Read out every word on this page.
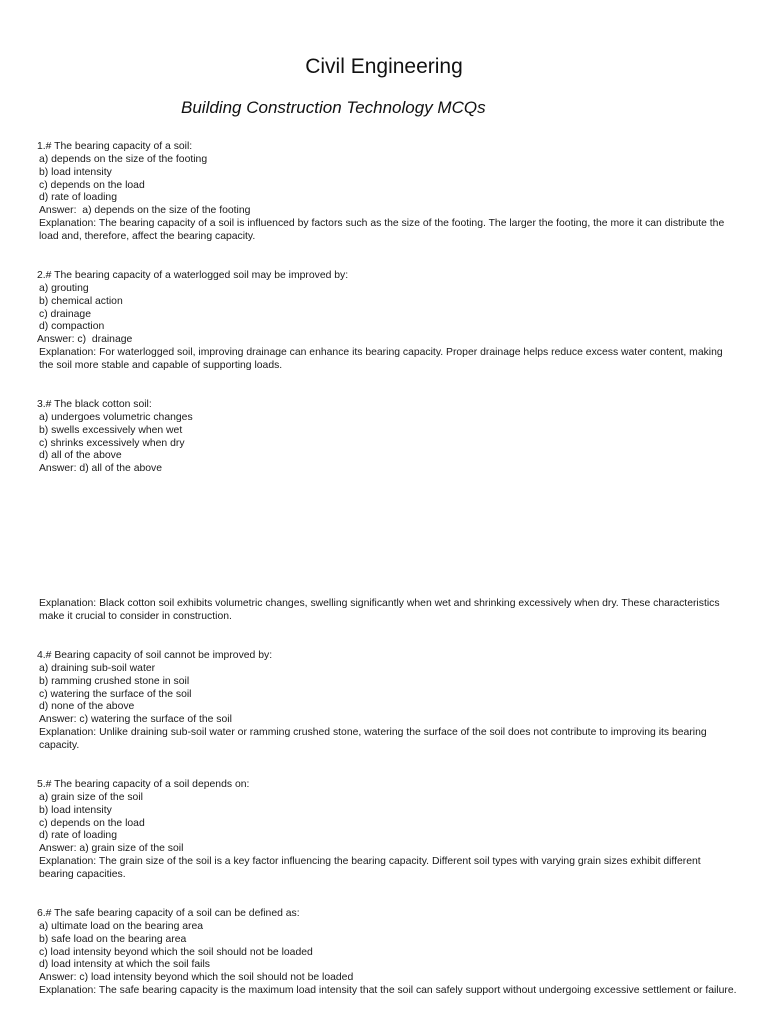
Civil Engineering
Building Construction Technology MCQs
1.# The bearing capacity of a soil:
a) depends on the size of the footing
b) load intensity
c) depends on the load
d) rate of loading
Answer:  a) depends on the size of the footing
Explanation: The bearing capacity of a soil is influenced by factors such as the size of the footing. The larger the footing, the more it can distribute the load and, therefore, affect the bearing capacity.
2.# The bearing capacity of a waterlogged soil may be improved by:
a) grouting
b) chemical action
c) drainage
d) compaction
Answer: c)  drainage
Explanation: For waterlogged soil, improving drainage can enhance its bearing capacity. Proper drainage helps reduce excess water content, making the soil more stable and capable of supporting loads.
3.# The black cotton soil:
a) undergoes volumetric changes
b) swells excessively when wet
c) shrinks excessively when dry
d) all of the above
Answer: d) all of the above
Explanation: Black cotton soil exhibits volumetric changes, swelling significantly when wet and shrinking excessively when dry. These characteristics make it crucial to consider in construction.
4.# Bearing capacity of soil cannot be improved by:
a) draining sub-soil water
b) ramming crushed stone in soil
c) watering the surface of the soil
d) none of the above
Answer: c) watering the surface of the soil
Explanation: Unlike draining sub-soil water or ramming crushed stone, watering the surface of the soil does not contribute to improving its bearing capacity.
5.# The bearing capacity of a soil depends on:
a) grain size of the soil
b) load intensity
c) depends on the load
d) rate of loading
Answer: a) grain size of the soil
Explanation: The grain size of the soil is a key factor influencing the bearing capacity. Different soil types with varying grain sizes exhibit different bearing capacities.
6.# The safe bearing capacity of a soil can be defined as:
a) ultimate load on the bearing area
b) safe load on the bearing area
c) load intensity beyond which the soil should not be loaded
d) load intensity at which the soil fails
Answer: c) load intensity beyond which the soil should not be loaded
Explanation: The safe bearing capacity is the maximum load intensity that the soil can safely support without undergoing excessive settlement or failure.
